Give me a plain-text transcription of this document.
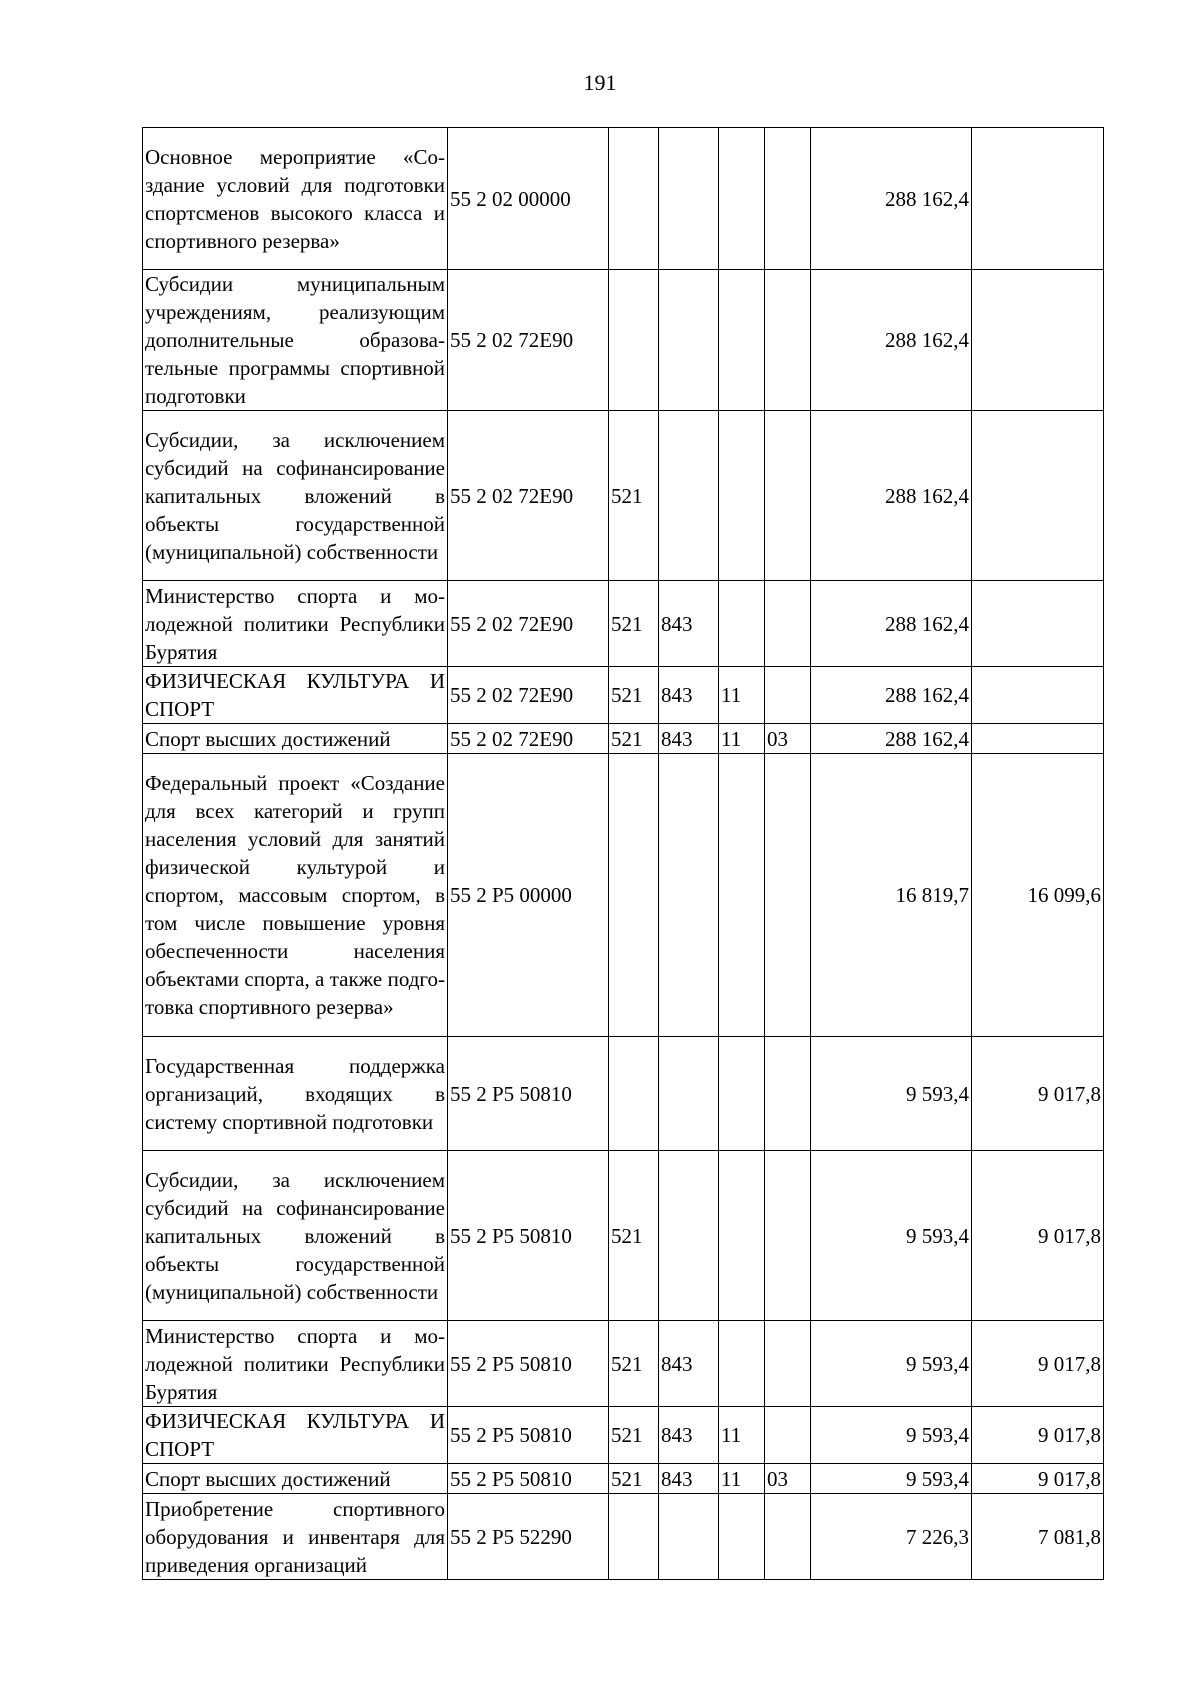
191
Основное мероприятие «Создание условий для подготовки спортсменов высокого класса и спортивного резерва»	55 2 02 00000					288 162,4	
Субсидии муниципальным учреждениям, реализующим дополнительные образовательные программы спортивной подготовки	55 2 02 72Е90					288 162,4	
Субсидии, за исключением субсидий на софинансирование капитальных вложений в объекты государственной (муниципальной) собственности	55 2 02 72Е90	521				288 162,4	
Министерство спорта и молодежной политики Республики Бурятия	55 2 02 72Е90	521	843			288 162,4	
ФИЗИЧЕСКАЯ КУЛЬТУРА И СПОРТ	55 2 02 72Е90	521	843	11		288 162,4	
Спорт высших достижений	55 2 02 72Е90	521	843	11	03	288 162,4	
Федеральный проект «Создание для всех категорий и групп населения условий для занятий физической культурой и спортом, массовым спортом, в том числе повышение уровня обеспеченности населения объектами спорта, а также подготовка спортивного резерва»	55 2 Р5 00000					16 819,7	16 099,6
Государственная поддержка организаций, входящих в систему спортивной подготовки	55 2 Р5 50810					9 593,4	9 017,8
Субсидии, за исключением субсидий на софинансирование капитальных вложений в объекты государственной (муниципальной) собственности	55 2 Р5 50810	521				9 593,4	9 017,8
Министерство спорта и молодежной политики Республики Бурятия	55 2 Р5 50810	521	843			9 593,4	9 017,8
ФИЗИЧЕСКАЯ КУЛЬТУРА И СПОРТ	55 2 Р5 50810	521	843	11		9 593,4	9 017,8
Спорт высших достижений	55 2 Р5 50810	521	843	11	03	9 593,4	9 017,8
Приобретение спортивного оборудования и инвентаря для приведения организаций	55 2 Р5 52290					7 226,3	7 081,8
